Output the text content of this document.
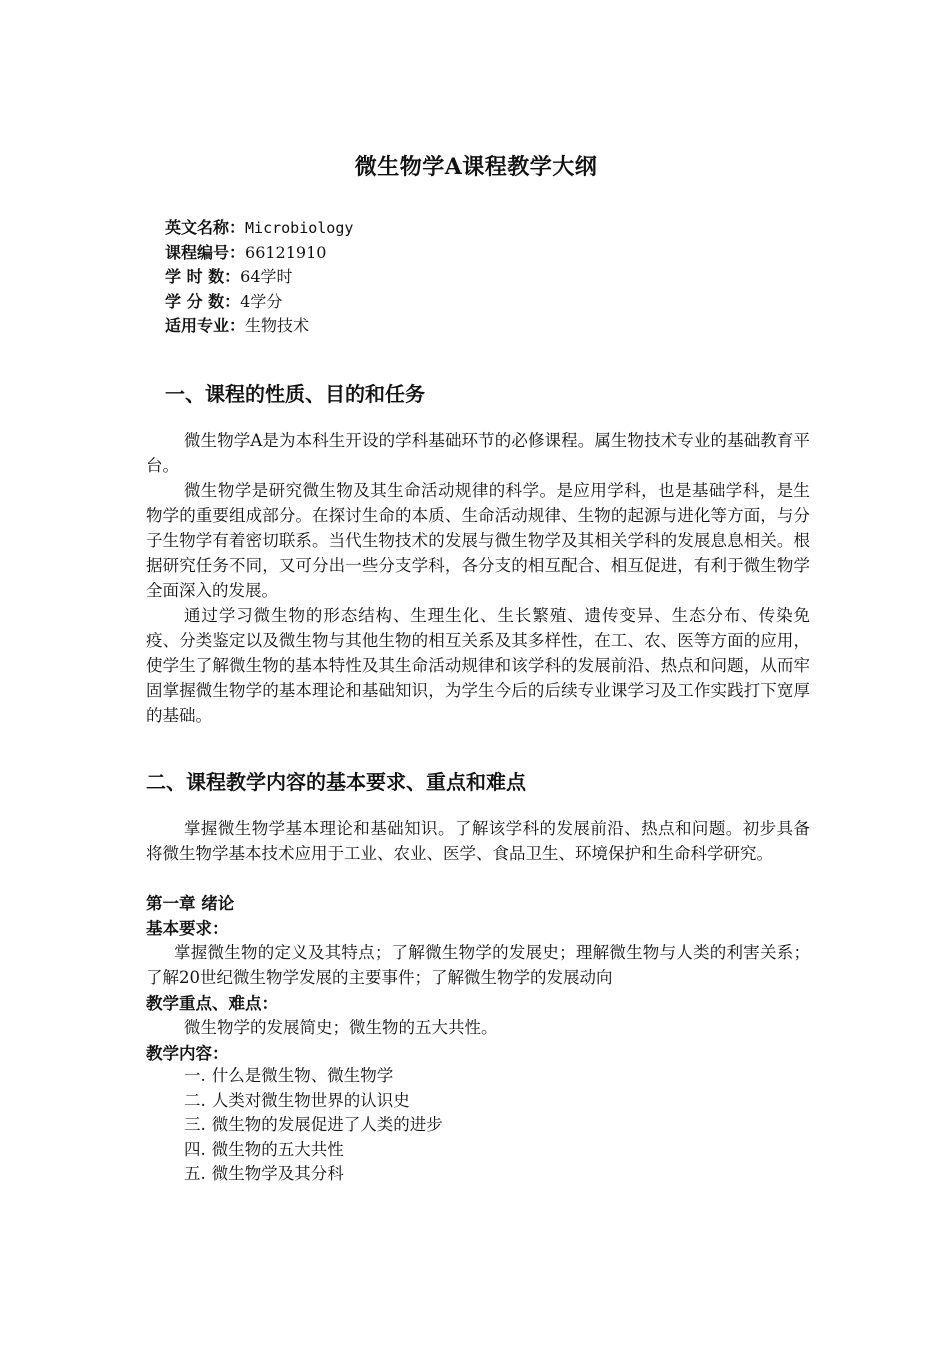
微生物学A课程教学大纲
英文名称：Microbiology
课程编号：66121910
学 时 数：64学时
学 分 数：4学分
适用专业：生物技术
一、课程的性质、目的和任务
微生物学A是为本科生开设的学科基础环节的必修课程。属生物技术专业的基础教育平台。
微生物学是研究微生物及其生命活动规律的科学。是应用学科，也是基础学科，是生物学的重要组成部分。在探讨生命的本质、生命活动规律、生物的起源与进化等方面，与分子生物学有着密切联系。当代生物技术的发展与微生物学及其相关学科的发展息息相关。根据研究任务不同，又可分出一些分支学科，各分支的相互配合、相互促进，有利于微生物学全面深入的发展。
通过学习微生物的形态结构、生理生化、生长繁殖、遗传变异、生态分布、传染免疫、分类鉴定以及微生物与其他生物的相互关系及其多样性，在工、农、医等方面的应用，使学生了解微生物的基本特性及其生命活动规律和该学科的发展前沿、热点和问题，从而牢固掌握微生物学的基本理论和基础知识，为学生今后的后续专业课学习及工作实践打下宽厚的基础。
二、课程教学内容的基本要求、重点和难点
掌握微生物学基本理论和基础知识。了解该学科的发展前沿、热点和问题。初步具备将微生物学基本技术应用于工业、农业、医学、食品卫生、环境保护和生命科学研究。
第一章 绪论
基本要求：
掌握微生物的定义及其特点；了解微生物学的发展史；理解微生物与人类的利害关系；了解20世纪微生物学发展的主要事件；了解微生物学的发展动向
教学重点、难点：
微生物学的发展简史；微生物的五大共性。
教学内容：
一. 什么是微生物、微生物学
二. 人类对微生物世界的认识史
三. 微生物的发展促进了人类的进步
四. 微生物的五大共性
五. 微生物学及其分科
